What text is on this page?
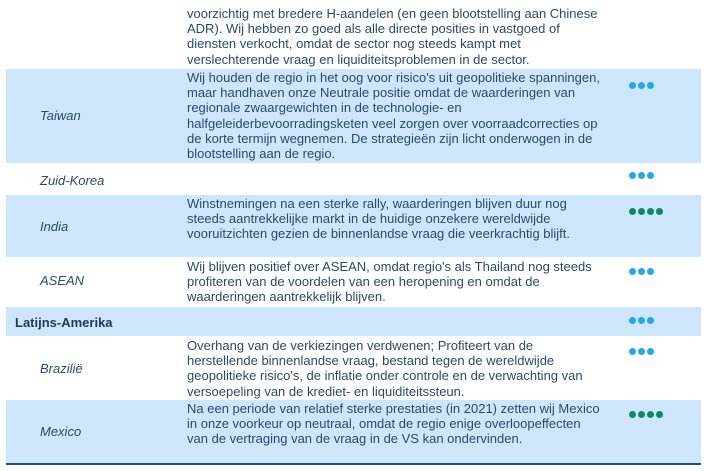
voorzichtig met bredere H-aandelen (en geen blootstelling aan Chinese ADR). Wij hebben zo goed als alle directe posities in vastgoed of diensten verkocht, omdat de sector nog steeds kampt met verslechterende vraag en liquiditeitsproblemen in de sector.
Taiwan
Wij houden de regio in het oog voor risico's uit geopolitieke spanningen, maar handhaven onze Neutrale positie omdat de waarderingen van regionale zwaargewichten in de technologie- en halfgeleiderbevoorradingsketen veel zorgen over voorraadcorrecties op de korte termijn wegnemen. De strategieën zijn licht onderwogen in de blootstelling aan de regio.
Zuid-Korea
India
Winstnemingen na een sterke rally, waarderingen blijven duur nog steeds aantrekkelijke markt in de huidige onzekere wereldwijde vooruitzichten gezien de binnenlandse vraag die veerkrachtig blijft.
ASEAN
Wij blijven positief over ASEAN, omdat regio's als Thailand nog steeds profiteren van de voordelen van een heropening en omdat de waarderingen aantrekkelijk blijven.
Latijns-Amerika
Brazilië
Overhang van de verkiezingen verdwenen; Profiteert van de herstellende binnenlandse vraag, bestand tegen de wereldwijde geopolitieke risico's, de inflatie onder controle en de verwachting van versoepeling van de krediet- en liquiditeitssteun.
Mexico
Na een periode van relatief sterke prestaties (in 2021) zetten wij Mexico in onze voorkeur op neutraal, omdat de regio enige overloopeffecten van de vertraging van de vraag in de VS kan ondervinden.
